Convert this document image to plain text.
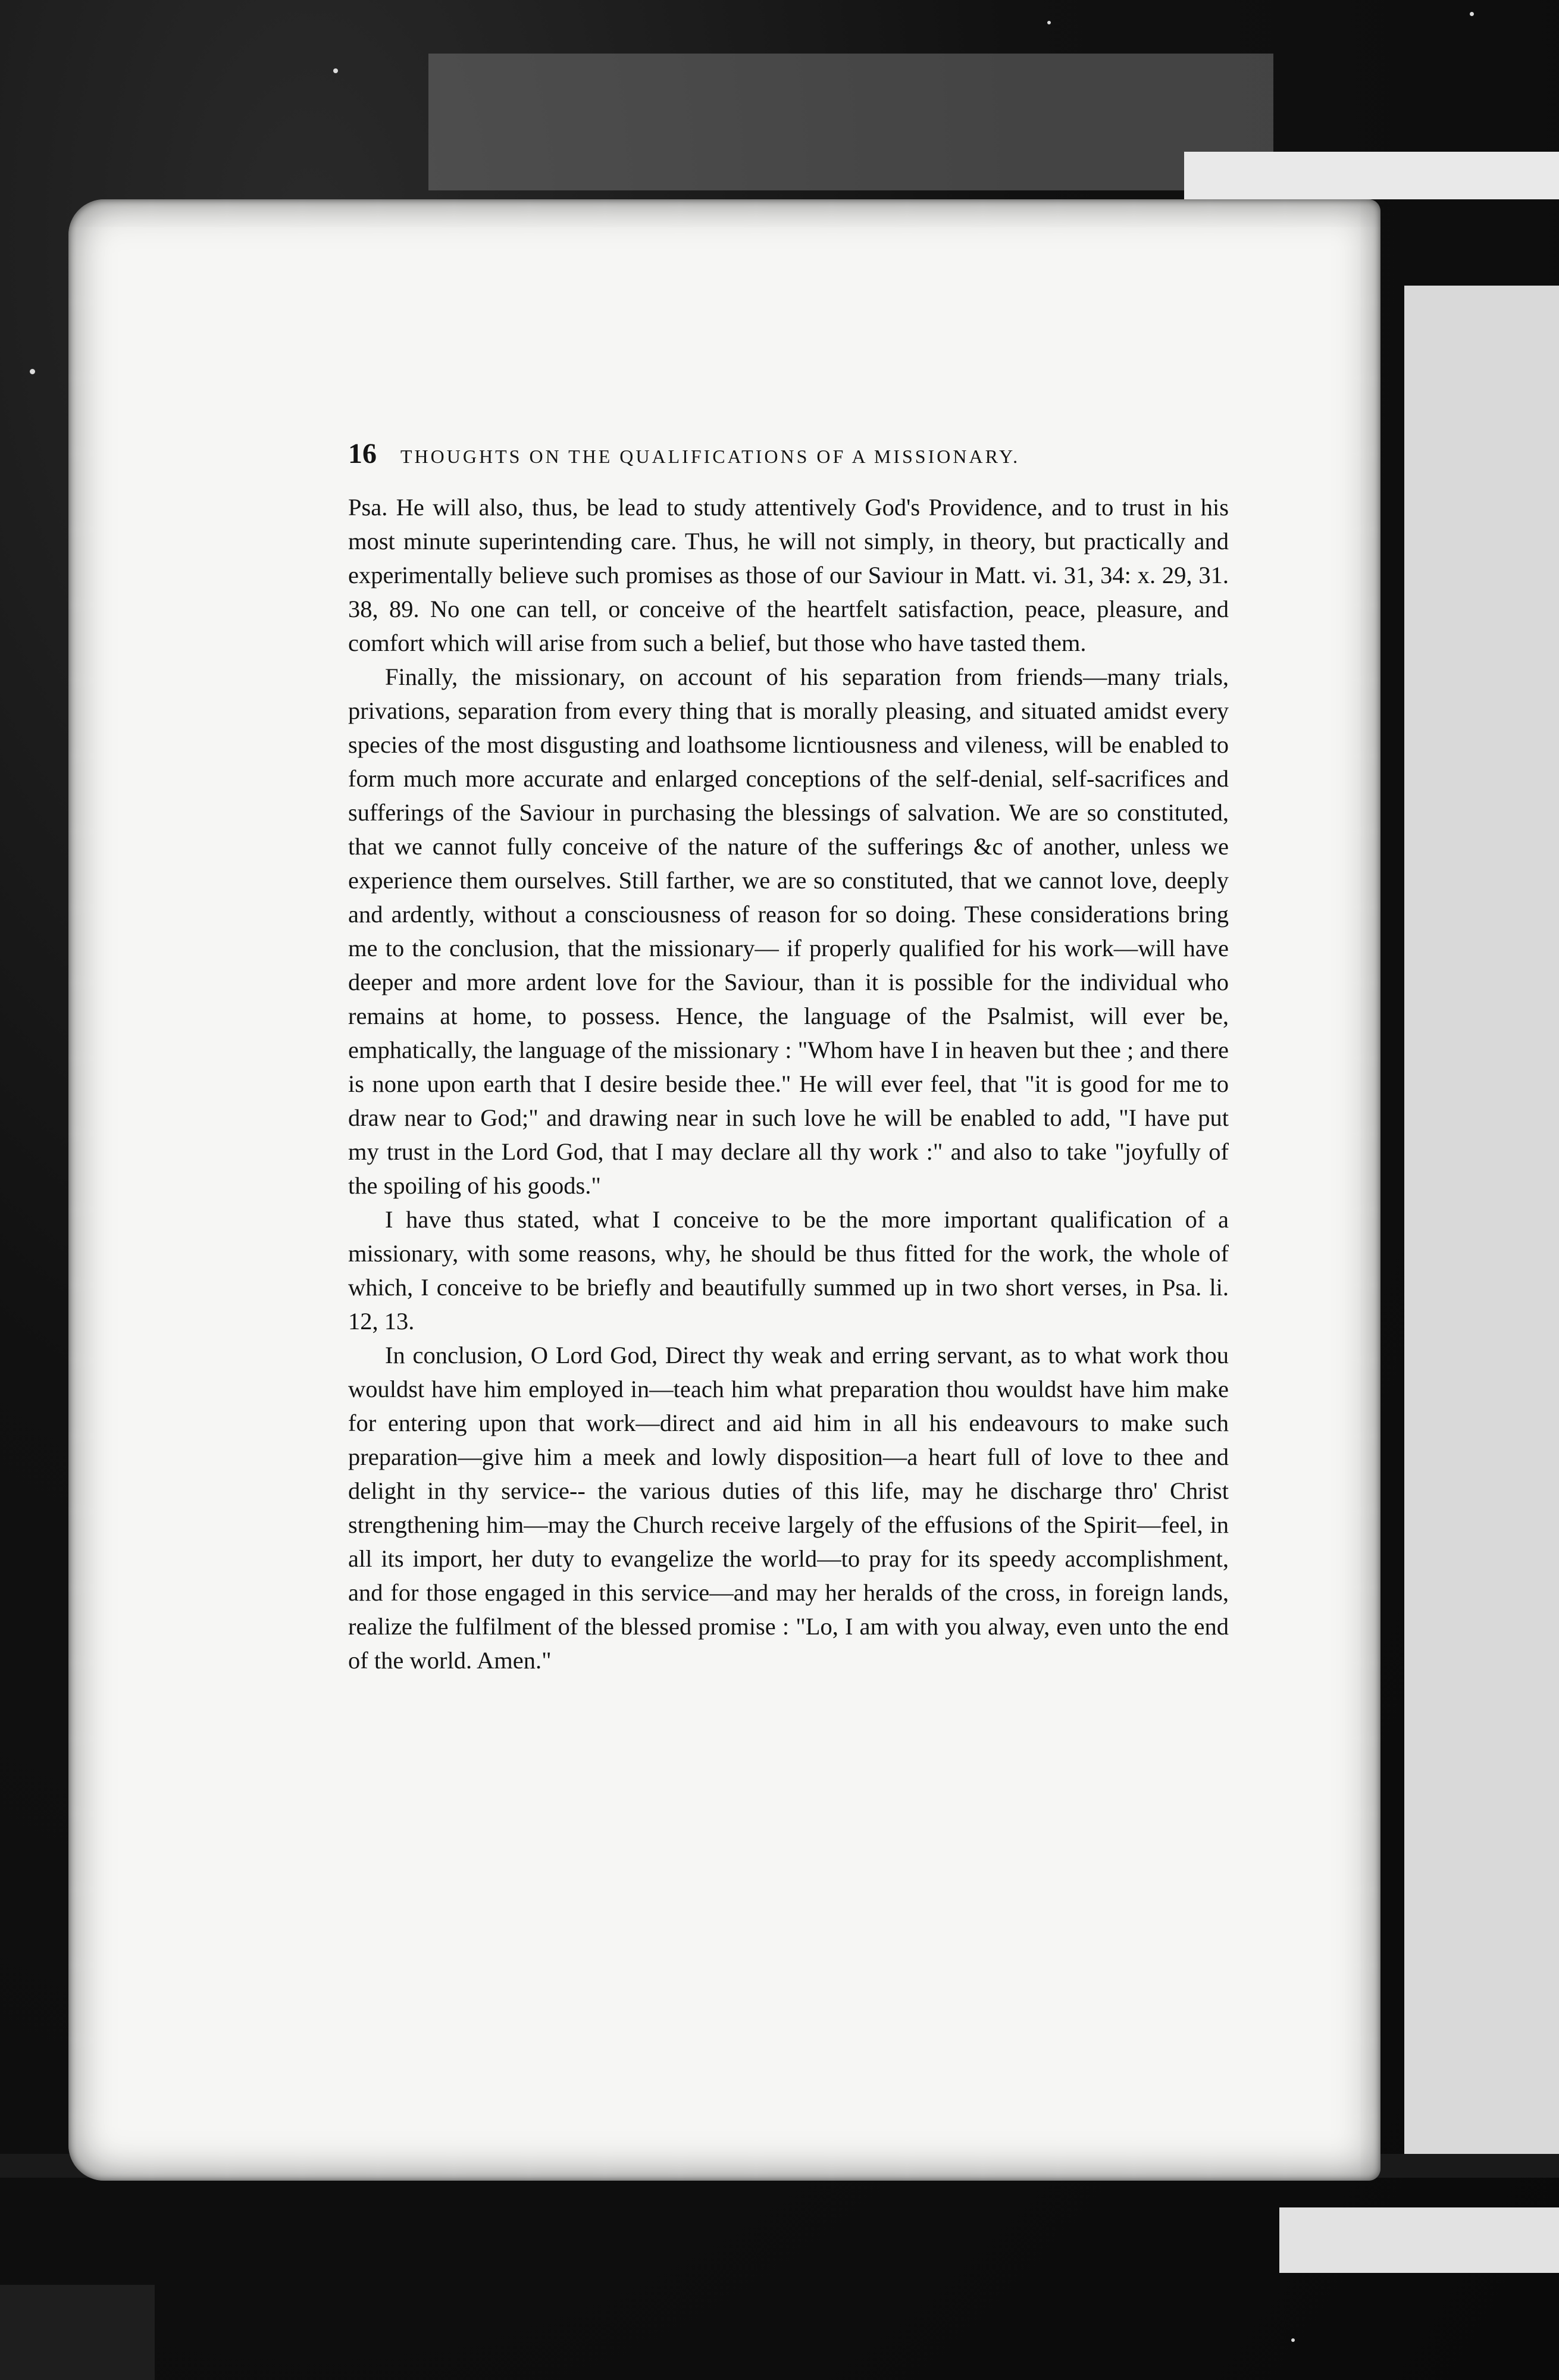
16 THOUGHTS ON THE QUALIFICATIONS OF A MISSIONARY.

Psa. He will also, thus, be lead to study attentively God's Providence, and to trust in his most minute superintending care. Thus, he will not simply, in theory, but practically and experimentally believe such promises as those of our Saviour in Matt. vi. 31, 34: x. 29, 31. 38, 89. No one can tell, or conceive of the heartfelt satisfaction, peace, pleasure, and comfort which will arise from such a belief, but those who have tasted them.

Finally, the missionary, on account of his separation from friends—many trials, privations, separation from every thing that is morally pleasing, and situated amidst every species of the most disgusting and loathsome licntiousness and vileness, will be enabled to form much more accurate and enlarged conceptions of the self-denial, self-sacrifices and sufferings of the Saviour in purchasing the blessings of salvation. We are so constituted, that we cannot fully conceive of the nature of the sufferings &c of another, unless we experience them ourselves. Still farther, we are so constituted, that we cannot love, deeply and ardently, without a consciousness of reason for so doing. These considerations bring me to the conclusion, that the missionary— if properly qualified for his work—will have deeper and more ardent love for the Saviour, than it is possible for the individual who remains at home, to possess. Hence, the language of the Psalmist, will ever be, emphatically, the language of the missionary : "Whom have I in heaven but thee ; and there is none upon earth that I desire beside thee." He will ever feel, that "it is good for me to draw near to God;" and drawing near in such love he will be enabled to add, "I have put my trust in the Lord God, that I may declare all thy work :" and also to take "joyfully of the spoiling of his goods."

I have thus stated, what I conceive to be the more important qualification of a missionary, with some reasons, why, he should be thus fitted for the work, the whole of which, I conceive to be briefly and beautifully summed up in two short verses, in Psa. li. 12, 13.

In conclusion, O Lord God, Direct thy weak and erring servant, as to what work thou wouldst have him employed in—teach him what preparation thou wouldst have him make for entering upon that work—direct and aid him in all his endeavours to make such preparation—give him a meek and lowly disposition—a heart full of love to thee and delight in thy service-- the various duties of this life, may he discharge thro' Christ strengthening him—may the Church receive largely of the effusions of the Spirit—feel, in all its import, her duty to evangelize the world—to pray for its speedy accomplishment, and for those engaged in this service—and may her heralds of the cross, in foreign lands, realize the fulfilment of the blessed promise : "Lo, I am with you alway, even unto the end of the world. Amen."
